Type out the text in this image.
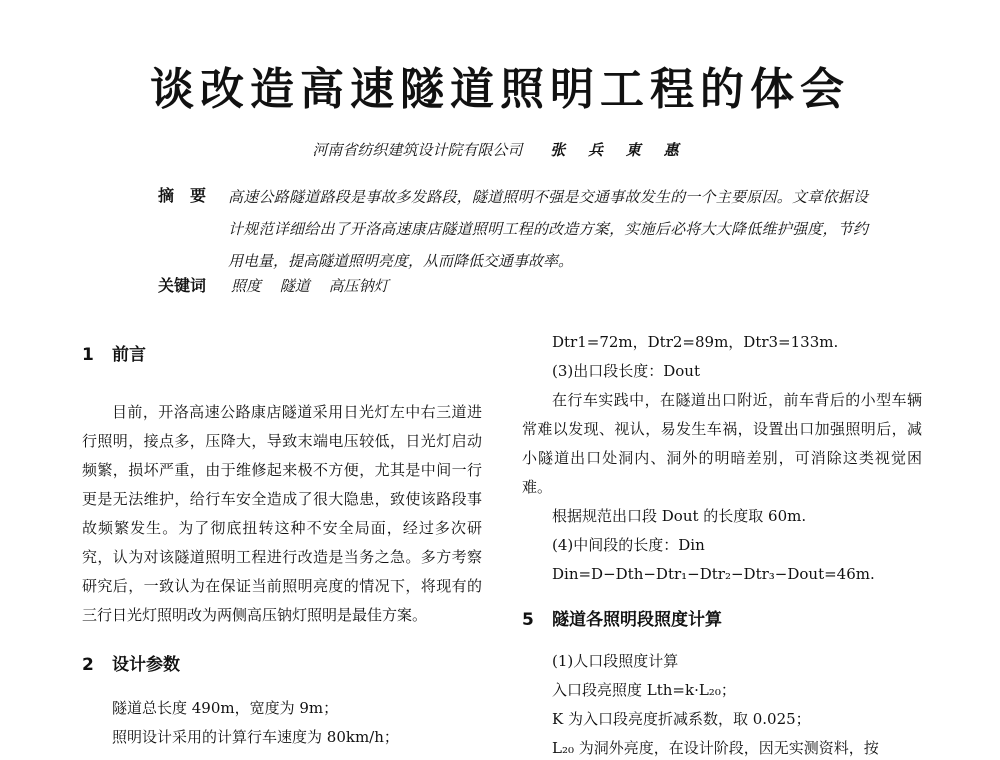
谈改造高速隧道照明工程的体会
河南省纺织建筑设计院有限公司 张 兵 東 惠
摘　要 高速公路隧道路段是事故多发路段，隧道照明不强是交通事故发生的一个主要原因。文章依据设计规范详细给出了开洛高速康店隧道照明工程的改造方案，实施后必将大大降低维护强度，节约用电量，提高隧道照明亮度，从而降低交通事故率。
关键词 照度 隧道 高压钠灯
1 前言
目前，开洛高速公路康店隧道采用日光灯左中右三道进行照明，接点多，压降大，导致末端电压较低，日光灯启动频繁，损坏严重，由于维修起来极不方便，尤其是中间一行更是无法维护，给行车安全造成了很大隐患，致使该路段事故频繁发生。为了彻底扭转这种不安全局面，经过多次研究，认为对该隧道照明工程进行改造是当务之急。多方考察研究后，一致认为在保证当前照明亮度的情况下，将现有的三行日光灯照明改为两侧高压钠灯照明是最佳方案。
2 设计参数
隧道总长度 490m，宽度为 9m；
照明设计采用的计算行车速度为 80km/h；
Dtr1=72m，Dtr2=89m，Dtr3=133m.
(3)出口段长度：Dout
在行车实践中，在隧道出口附近，前车背后的小型车辆常难以发现、视认，易发生车祸，设置出口加强照明后，减小隧道出口处洞内、洞外的明暗差别，可消除这类视觉困难。
根据规范出口段 Dout 的长度取 60m.
(4)中间段的长度：Din
Din=D−Dth−Dtr₁−Dtr₂−Dtr₃−Dout=46m.
5 隧道各照明段照度计算
(1)人口段照度计算
入口段亮照度 Lth=k·L₂₀；
K 为入口段亮度折减系数，取 0.025；
L₂₀ 为洞外亮度，在设计阶段，因无实测资料，按
